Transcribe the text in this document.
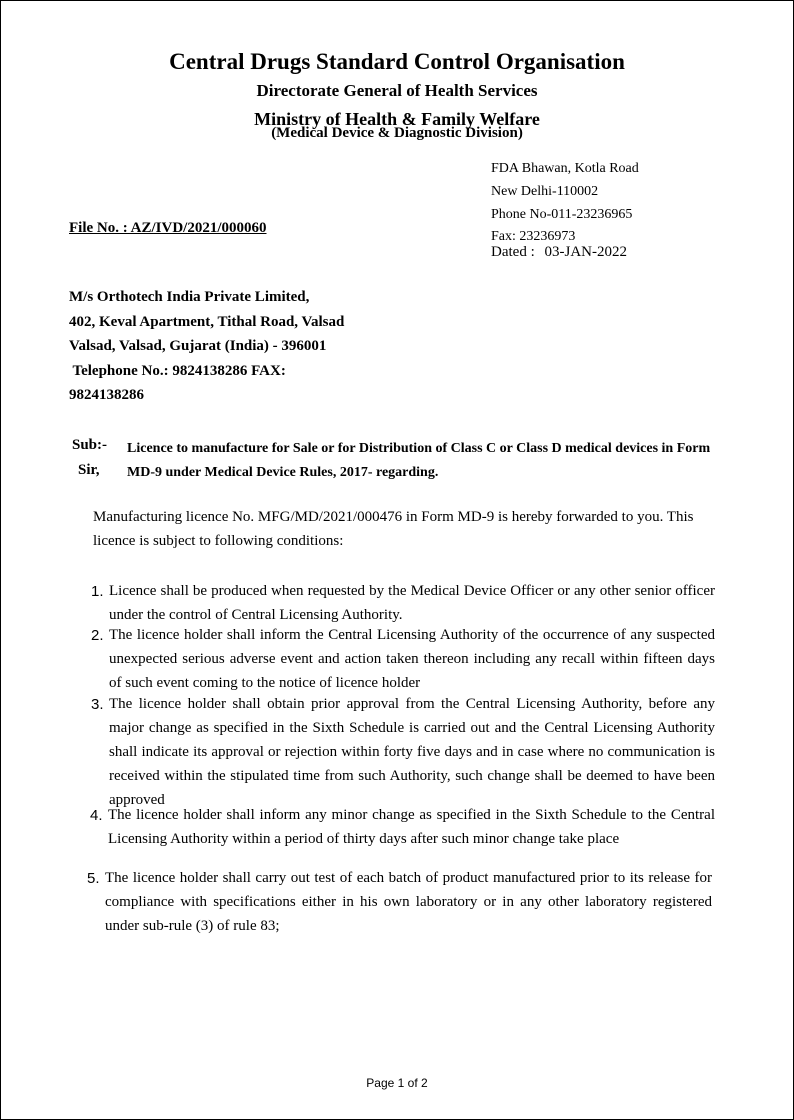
Central Drugs Standard Control Organisation
Directorate General of Health Services
Ministry of Health & Family Welfare
(Medical Device & Diagnostic Division)
FDA Bhawan, Kotla Road
New Delhi-110002
Phone No-011-23236965
Fax: 23236973
File No. : AZ/IVD/2021/000060
Dated : 03-JAN-2022
M/s Orthotech India Private Limited,
402, Keval Apartment, Tithal Road, Valsad
Valsad, Valsad, Gujarat (India) - 396001
Telephone No.: 9824138286 FAX:
9824138286
Sub:-
Sir,
Licence to manufacture for Sale or for Distribution of Class C or Class D medical devices in Form MD-9 under Medical Device Rules, 2017- regarding.
Manufacturing licence No. MFG/MD/2021/000476 in Form MD-9 is hereby forwarded to you. This licence is subject to following conditions:
1. Licence shall be produced when requested by the Medical Device Officer or any other senior officer under the control of Central Licensing Authority.
2. The licence holder shall inform the Central Licensing Authority of the occurrence of any suspected unexpected serious adverse event and action taken thereon including any recall within fifteen days of such event coming to the notice of licence holder
3. The licence holder shall obtain prior approval from the Central Licensing Authority, before any major change as specified in the Sixth Schedule is carried out and the Central Licensing Authority shall indicate its approval or rejection within forty five days and in case where no communication is received within the stipulated time from such Authority, such change shall be deemed to have been approved
4. The licence holder shall inform any minor change as specified in the Sixth Schedule to the Central Licensing Authority within a period of thirty days after such minor change take place
5. The licence holder shall carry out test of each batch of product manufactured prior to its release for compliance with specifications either in his own laboratory or in any other laboratory registered under sub-rule (3) of rule 83;
Page 1 of 2
